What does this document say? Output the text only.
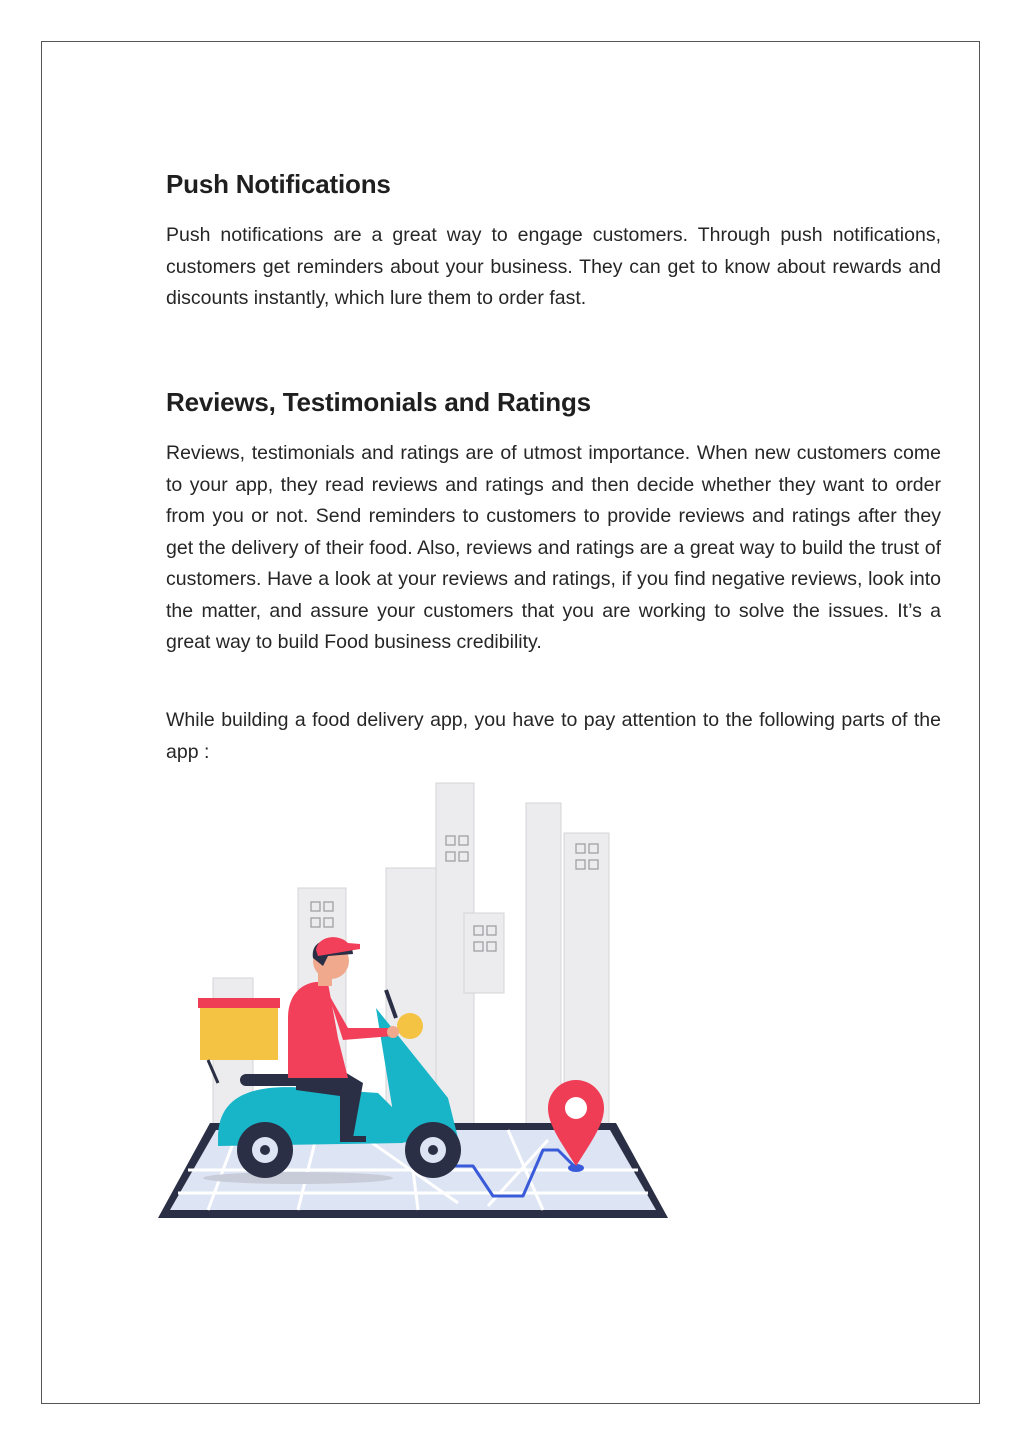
Push Notifications

Push notifications are a great way to engage customers. Through push notifications, customers get reminders about your business. They can get to know about rewards and discounts instantly, which lure them to order fast.

Reviews, Testimonials and Ratings

Reviews, testimonials and ratings are of utmost importance. When new customers come to your app, they read reviews and ratings and then decide whether they want to order from you or not. Send reminders to customers to provide reviews and ratings after they get the delivery of their food. Also, reviews and ratings are a great way to build the trust of customers. Have a look at your reviews and ratings, if you find negative reviews, look into the matter, and assure your customers that you are working to solve the issues. It’s a great way to build Food business credibility.

While building a food delivery app, you have to pay attention to the following parts of the app :
